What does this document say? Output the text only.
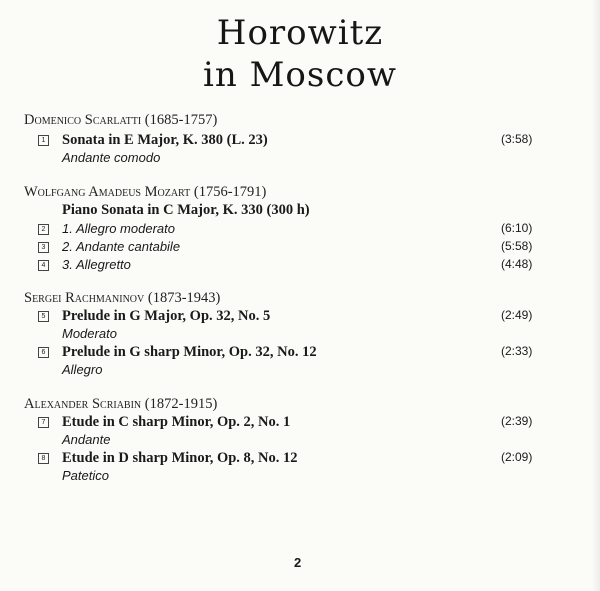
Horowitz
in Moscow
Domenico Scarlatti (1685-1757)
1 Sonata in E Major, K. 380 (L. 23)	(3:58)
Andante comodo
Wolfgang Amadeus Mozart (1756-1791)
Piano Sonata in C Major, K. 330 (300 h)
2 1. Allegro moderato	(6:10)
3 2. Andante cantabile	(5:58)
4 3. Allegretto	(4:48)
Sergei Rachmaninov (1873-1943)
5 Prelude in G Major, Op. 32, No. 5	(2:49)
Moderato
6 Prelude in G sharp Minor, Op. 32, No. 12	(2:33)
Allegro
Alexander Scriabin (1872-1915)
7 Etude in C sharp Minor, Op. 2, No. 1	(2:39)
Andante
8 Etude in D sharp Minor, Op. 8, No. 12	(2:09)
Patetico
2
